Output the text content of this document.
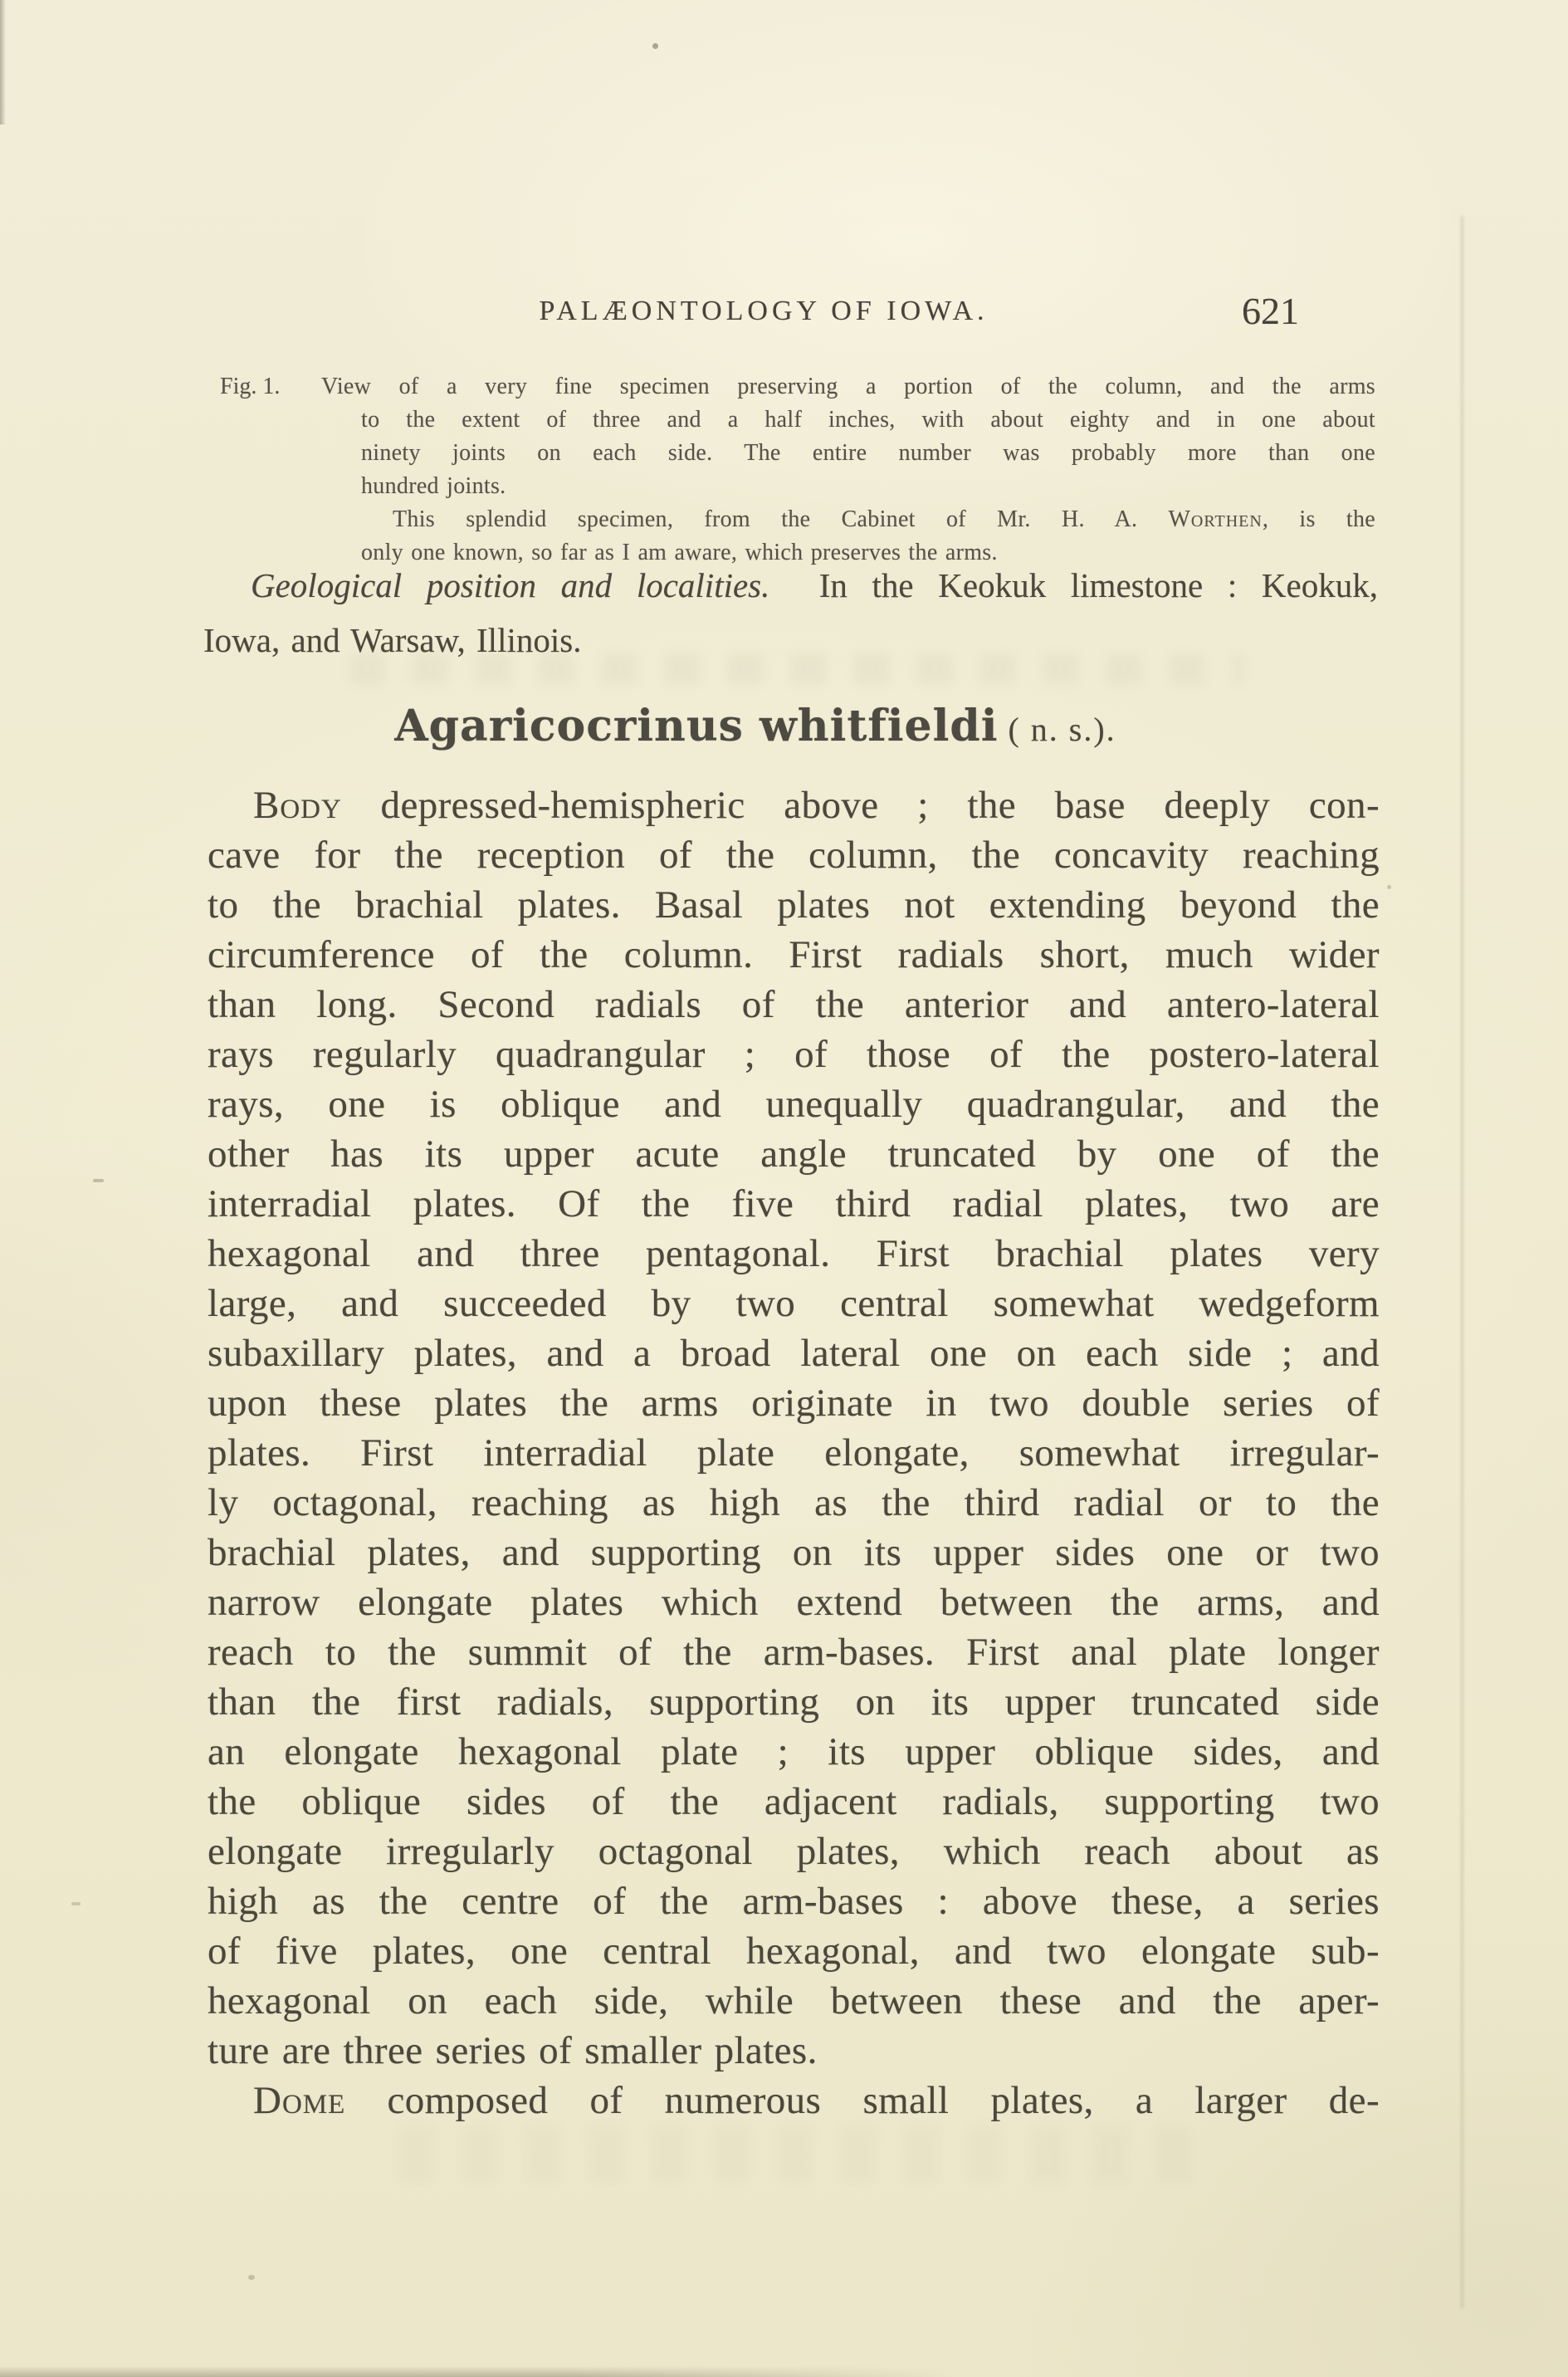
PALÆONTOLOGY OF IOWA.	621
Fig. 1. View of a very fine specimen preserving a portion of the column, and the arms
to the extent of three and a half inches, with about eighty and in one about
ninety joints on each side. The entire number was probably more than one
hundred joints.
This splendid specimen, from the Cabinet of Mr. H. A. Worthen, is the
only one known, so far as I am aware, which preserves the arms.
Geological position and localities.  In the Keokuk limestone : Keokuk,
Iowa, and Warsaw, Illinois.
Agaricocrinus whitfieldi ( n. s.).
Body depressed-hemispheric above ; the base deeply con-
cave for the reception of the column, the concavity reaching
to the brachial plates. Basal plates not extending beyond the
circumference of the column. First radials short, much wider
than long. Second radials of the anterior and antero-lateral
rays regularly quadrangular ; of those of the postero-lateral
rays, one is oblique and unequally quadrangular, and the
other has its upper acute angle truncated by one of the
interradial plates. Of the five third radial plates, two are
hexagonal and three pentagonal. First brachial plates very
large, and succeeded by two central somewhat wedgeform
subaxillary plates, and a broad lateral one on each side ; and
upon these plates the arms originate in two double series of
plates. First interradial plate elongate, somewhat irregular-
ly octagonal, reaching as high as the third radial or to the
brachial plates, and supporting on its upper sides one or two
narrow elongate plates which extend between the arms, and
reach to the summit of the arm-bases. First anal plate longer
than the first radials, supporting on its upper truncated side
an elongate hexagonal plate ; its upper oblique sides, and
the oblique sides of the adjacent radials, supporting two
elongate irregularly octagonal plates, which reach about as
high as the centre of the arm-bases : above these, a series
of five plates, one central hexagonal, and two elongate sub-
hexagonal on each side, while between these and the aper-
ture are three series of smaller plates.
Dome composed of numerous small plates, a larger de-
